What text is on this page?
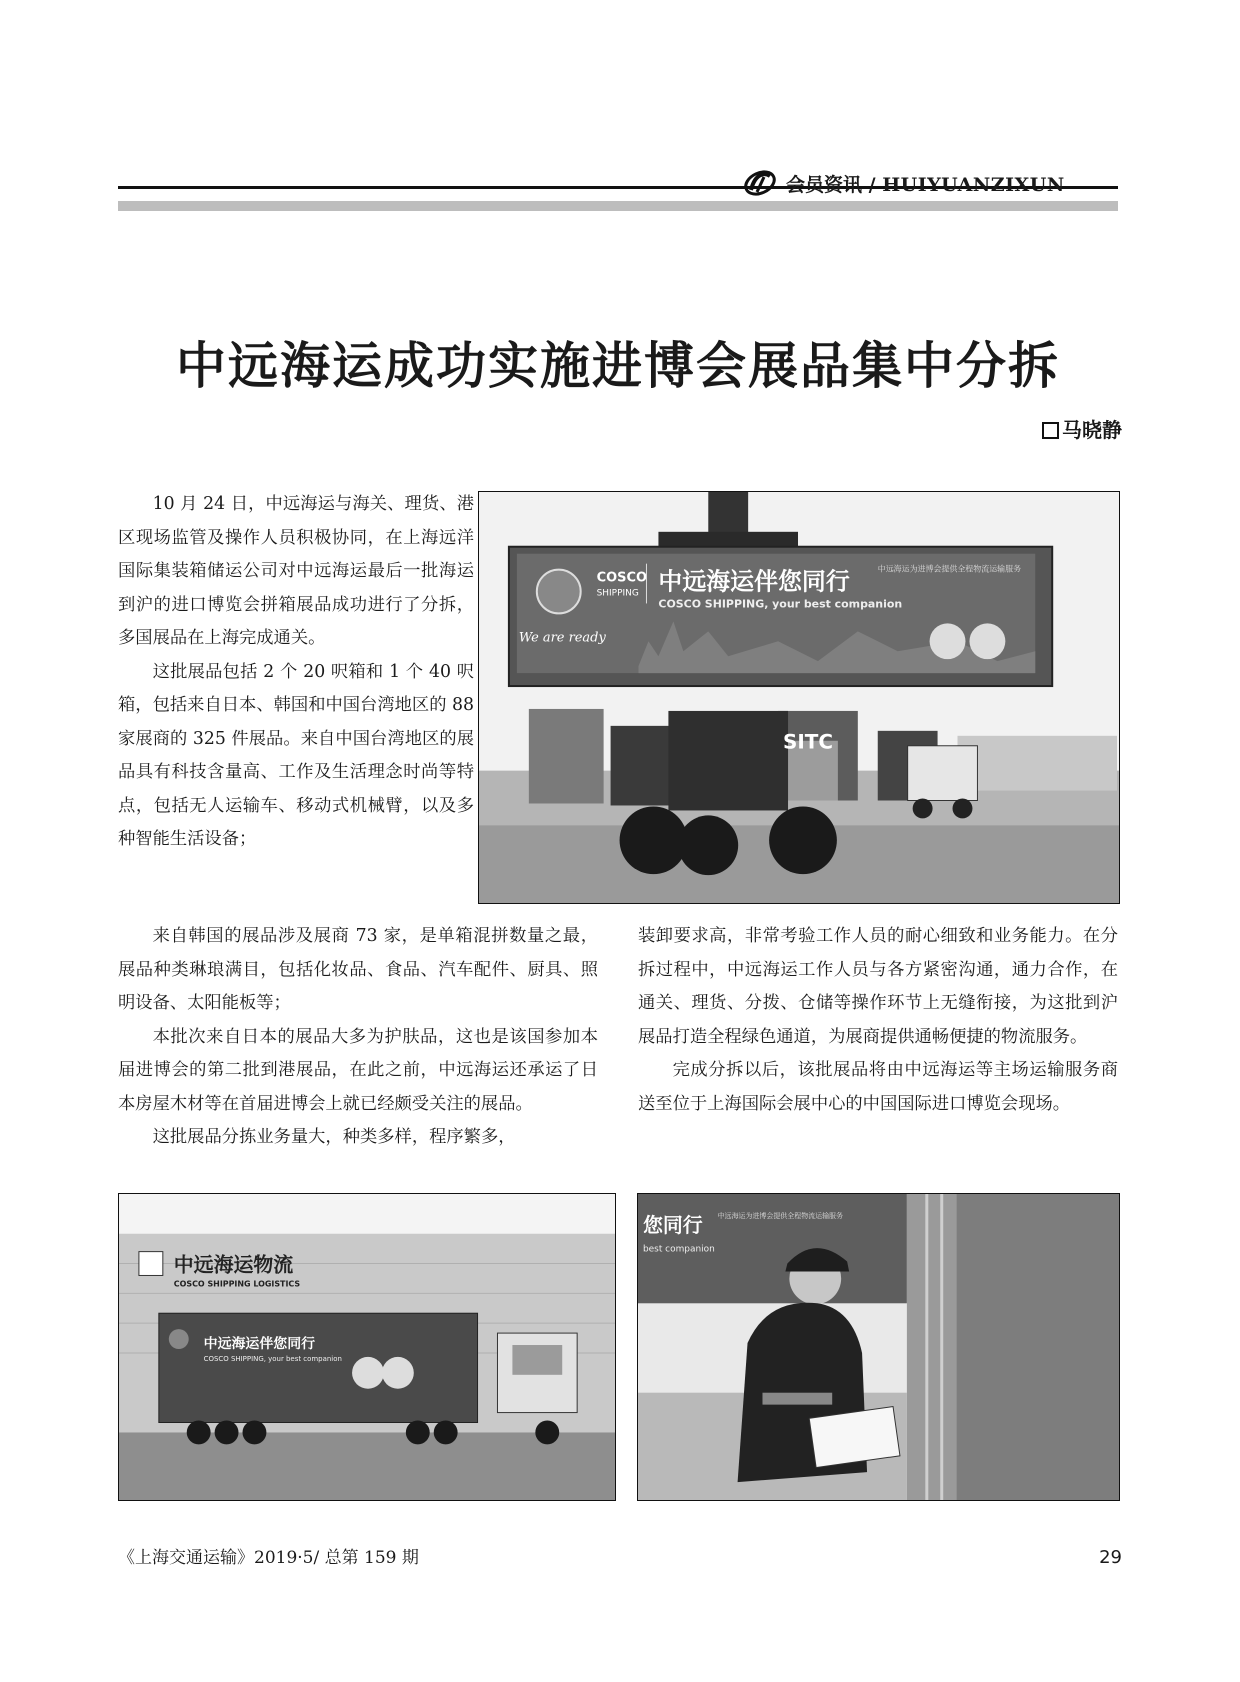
会员资讯 / HUIYUANZIXUN
中远海运成功实施进博会展品集中分拆
马晓静

10 月 24 日，中远海运与海关、理货、港区现场监管及操作人员积极协同，在上海远洋国际集装箱储运公司对中远海运最后一批海运到沪的进口博览会拼箱展品成功进行了分拆，多国展品在上海完成通关。

这批展品包括 2 个 20 呎箱和 1 个 40 呎箱，包括来自日本、韩国和中国台湾地区的 88 家展商的 325 件展品。来自中国台湾地区的展品具有科技含量高、工作及生活理念时尚等特点，包括无人运输车、移动式机械臂，以及多种智能生活设备；

COSCO
SHIPPING 中远海运伴您同行
COSCO SHIPPING, your best companion
中远海运为进博会提供全程物流运输服务
We are ready
SITC

来自韩国的展品涉及展商 73 家，是单箱混拼数量之最，展品种类琳琅满目，包括化妆品、食品、汽车配件、厨具、照明设备、太阳能板等；

本批次来自日本的展品大多为护肤品，这也是该国参加本届进博会的第二批到港展品，在此之前，中远海运还承运了日本房屋木材等在首届进博会上就已经颇受关注的展品。

这批展品分拣业务量大，种类多样，程序繁多，

装卸要求高，非常考验工作人员的耐心细致和业务能力。在分拆过程中，中远海运工作人员与各方紧密沟通，通力合作，在通关、理货、分拨、仓储等操作环节上无缝衔接，为这批到沪展品打造全程绿色通道，为展商提供通畅便捷的物流服务。

完成分拆以后，该批展品将由中远海运等主场运输服务商送至位于上海国际会展中心的中国国际进口博览会现场。

中远海运物流
COSCO SHIPPING LOGISTICS
中远海运伴您同行
COSCO SHIPPING, your best companion
您同行
best companion
中远海运为进博会提供全程物流运输服务
《上海交通运输》2019·5/ 总第 159 期	29
